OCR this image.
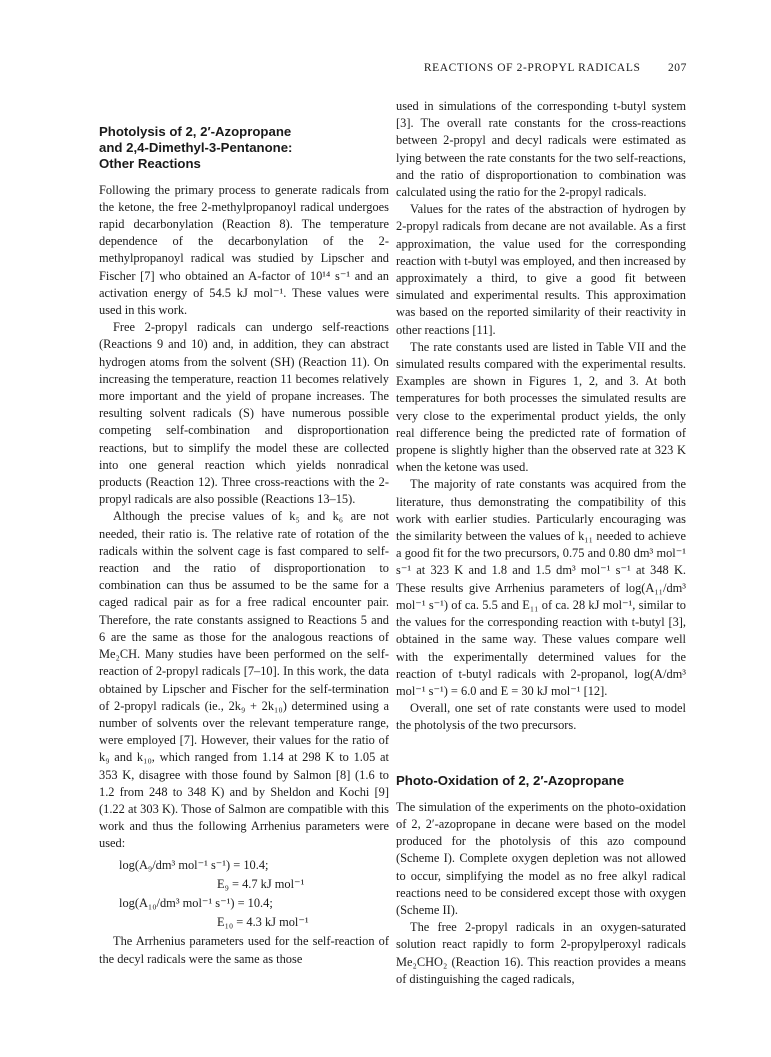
REACTIONS OF 2-PROPYL RADICALS 207
Photolysis of 2, 2′-Azopropane
and 2,4-Dimethyl-3-Pentanone:
Other Reactions

Following the primary process to generate radicals from the ketone, the free 2-methylpropanoyl radical undergoes rapid decarbonylation (Reaction 8). The temperature dependence of the decarbonylation of the 2-methylpropanoyl radical was studied by Lipscher and Fischer [7] who obtained an A-factor of 10¹⁴ s⁻¹ and an activation energy of 54.5 kJ mol⁻¹. These values were used in this work.

Free 2-propyl radicals can undergo self-reactions (Reactions 9 and 10) and, in addition, they can abstract hydrogen atoms from the solvent (SH) (Reaction 11). On increasing the temperature, reaction 11 becomes relatively more important and the yield of propane increases. The resulting solvent radicals (S) have numerous possible competing self-combination and disproportionation reactions, but to simplify the model these are collected into one general reaction which yields nonradical products (Reaction 12). Three cross-reactions with the 2-propyl radicals are also possible (Reactions 13–15).

Although the precise values of k₅ and k₆ are not needed, their ratio is. The relative rate of rotation of the radicals within the solvent cage is fast compared to self-reaction and the ratio of disproportionation to combination can thus be assumed to be the same for a caged radical pair as for a free radical encounter pair. Therefore, the rate constants assigned to Reactions 5 and 6 are the same as those for the analogous reactions of Me₂CH. Many studies have been performed on the self-reaction of 2-propyl radicals [7–10]. In this work, the data obtained by Lipscher and Fischer for the self-termination of 2-propyl radicals (ie., 2k₉ + 2k₁₀) determined using a number of solvents over the relevant temperature range, were employed [7]. However, their values for the ratio of k₉ and k₁₀, which ranged from 1.14 at 298 K to 1.05 at 353 K, disagree with those found by Salmon [8] (1.6 to 1.2 from 248 to 348 K) and by Sheldon and Kochi [9] (1.22 at 303 K). Those of Salmon are compatible with this work and thus the following Arrhenius parameters were used:

log(A₉/dm³ mol⁻¹ s⁻¹) = 10.4;
E₉ = 4.7 kJ mol⁻¹
log(A₁₀/dm³ mol⁻¹ s⁻¹) = 10.4;
E₁₀ = 4.3 kJ mol⁻¹

The Arrhenius parameters used for the self-reaction of the decyl radicals were the same as those

used in simulations of the corresponding t-butyl system [3]. The overall rate constants for the cross-reactions between 2-propyl and decyl radicals were estimated as lying between the rate constants for the two self-reactions, and the ratio of disproportionation to combination was calculated using the ratio for the 2-propyl radicals.

Values for the rates of the abstraction of hydrogen by 2-propyl radicals from decane are not available. As a first approximation, the value used for the corresponding reaction with t-butyl was employed, and then increased by approximately a third, to give a good fit between simulated and experimental results. This approximation was based on the reported similarity of their reactivity in other reactions [11].

The rate constants used are listed in Table VII and the simulated results compared with the experimental results. Examples are shown in Figures 1, 2, and 3. At both temperatures for both processes the simulated results are very close to the experimental product yields, the only real difference being the predicted rate of formation of propene is slightly higher than the observed rate at 323 K when the ketone was used.

The majority of rate constants was acquired from the literature, thus demonstrating the compatibility of this work with earlier studies. Particularly encouraging was the similarity between the values of k₁₁ needed to achieve a good fit for the two precursors, 0.75 and 0.80 dm³ mol⁻¹ s⁻¹ at 323 K and 1.8 and 1.5 dm³ mol⁻¹ s⁻¹ at 348 K. These results give Arrhenius parameters of log(A₁₁/dm³ mol⁻¹ s⁻¹) of ca. 5.5 and E₁₁ of ca. 28 kJ mol⁻¹, similar to the values for the corresponding reaction with t-butyl [3], obtained in the same way. These values compare well with the experimentally determined values for the reaction of t-butyl radicals with 2-propanol, log(A/dm³ mol⁻¹ s⁻¹) = 6.0 and E = 30 kJ mol⁻¹ [12].

Overall, one set of rate constants were used to model the photolysis of the two precursors.

Photo-Oxidation of 2, 2′-Azopropane

The simulation of the experiments on the photo-oxidation of 2, 2′-azopropane in decane were based on the model produced for the photolysis of this azo compound (Scheme I). Complete oxygen depletion was not allowed to occur, simplifying the model as no free alkyl radical reactions need to be considered except those with oxygen (Scheme II).

The free 2-propyl radicals in an oxygen-saturated solution react rapidly to form 2-propylperoxyl radicals Me₂CHO₂ (Reaction 16). This reaction provides a means of distinguishing the caged radicals,
